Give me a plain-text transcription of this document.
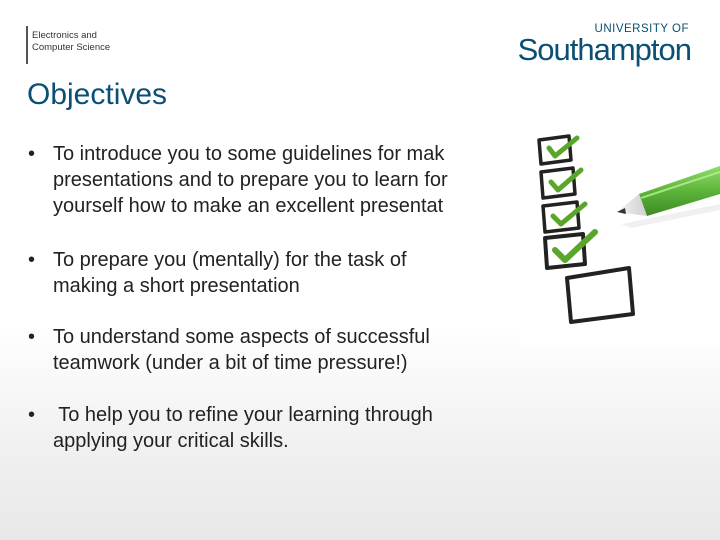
Electronics and
Computer Science
UNIVERSITY OF
Southampton
Objectives
• To introduce you to some guidelines for mak
presentations and to prepare you to learn for
yourself how to make an excellent presentat
• To prepare you (mentally) for the task of
making a short presentation
• To understand some aspects of successful
teamwork (under a bit of time pressure!)
• To help you to refine your learning through
applying your critical skills.
